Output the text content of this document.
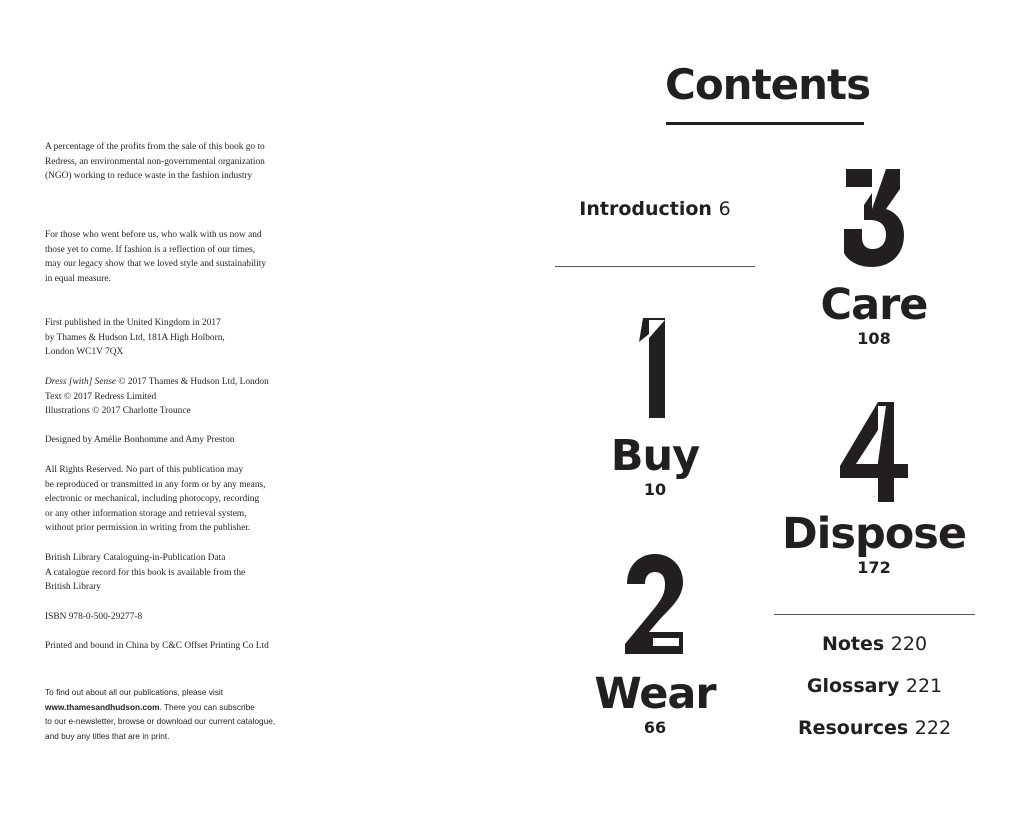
A percentage of the profits from the sale of this book go to
Redress, an environmental non-governmental organization
(NGO) working to reduce waste in the fashion industry
For those who went before us, who walk with us now and
those yet to come. If fashion is a reflection of our times,
may our legacy show that we loved style and sustainability
in equal measure.
First published in the United Kingdom in 2017
by Thames & Hudson Ltd, 181A High Holborn,
London WC1V 7QX
Dress [with] Sense © 2017 Thames & Hudson Ltd, London
Text © 2017 Redress Limited
Illustrations © 2017 Charlotte Trounce
Designed by Amélie Bonhomme and Amy Preston
All Rights Reserved. No part of this publication may
be reproduced or transmitted in any form or by any means,
electronic or mechanical, including photocopy, recording
or any other information storage and retrieval system,
without prior permission in writing from the publisher.
British Library Cataloguing-in-Publication Data
A catalogue record for this book is available from the
British Library
ISBN 978-0-500-29277-8
Printed and bound in China by C&C Offset Printing Co Ltd
To find out about all our publications, please visit
www.thamesandhudson.com. There you can subscribe
to our e-newsletter, browse or download our current catalogue,
and buy any titles that are in print.
Contents
Introduction 6
1
Buy
10
2
Wear
66
3
Care
108
4
Dispose
172
Notes 220
Glossary 221
Resources 222
